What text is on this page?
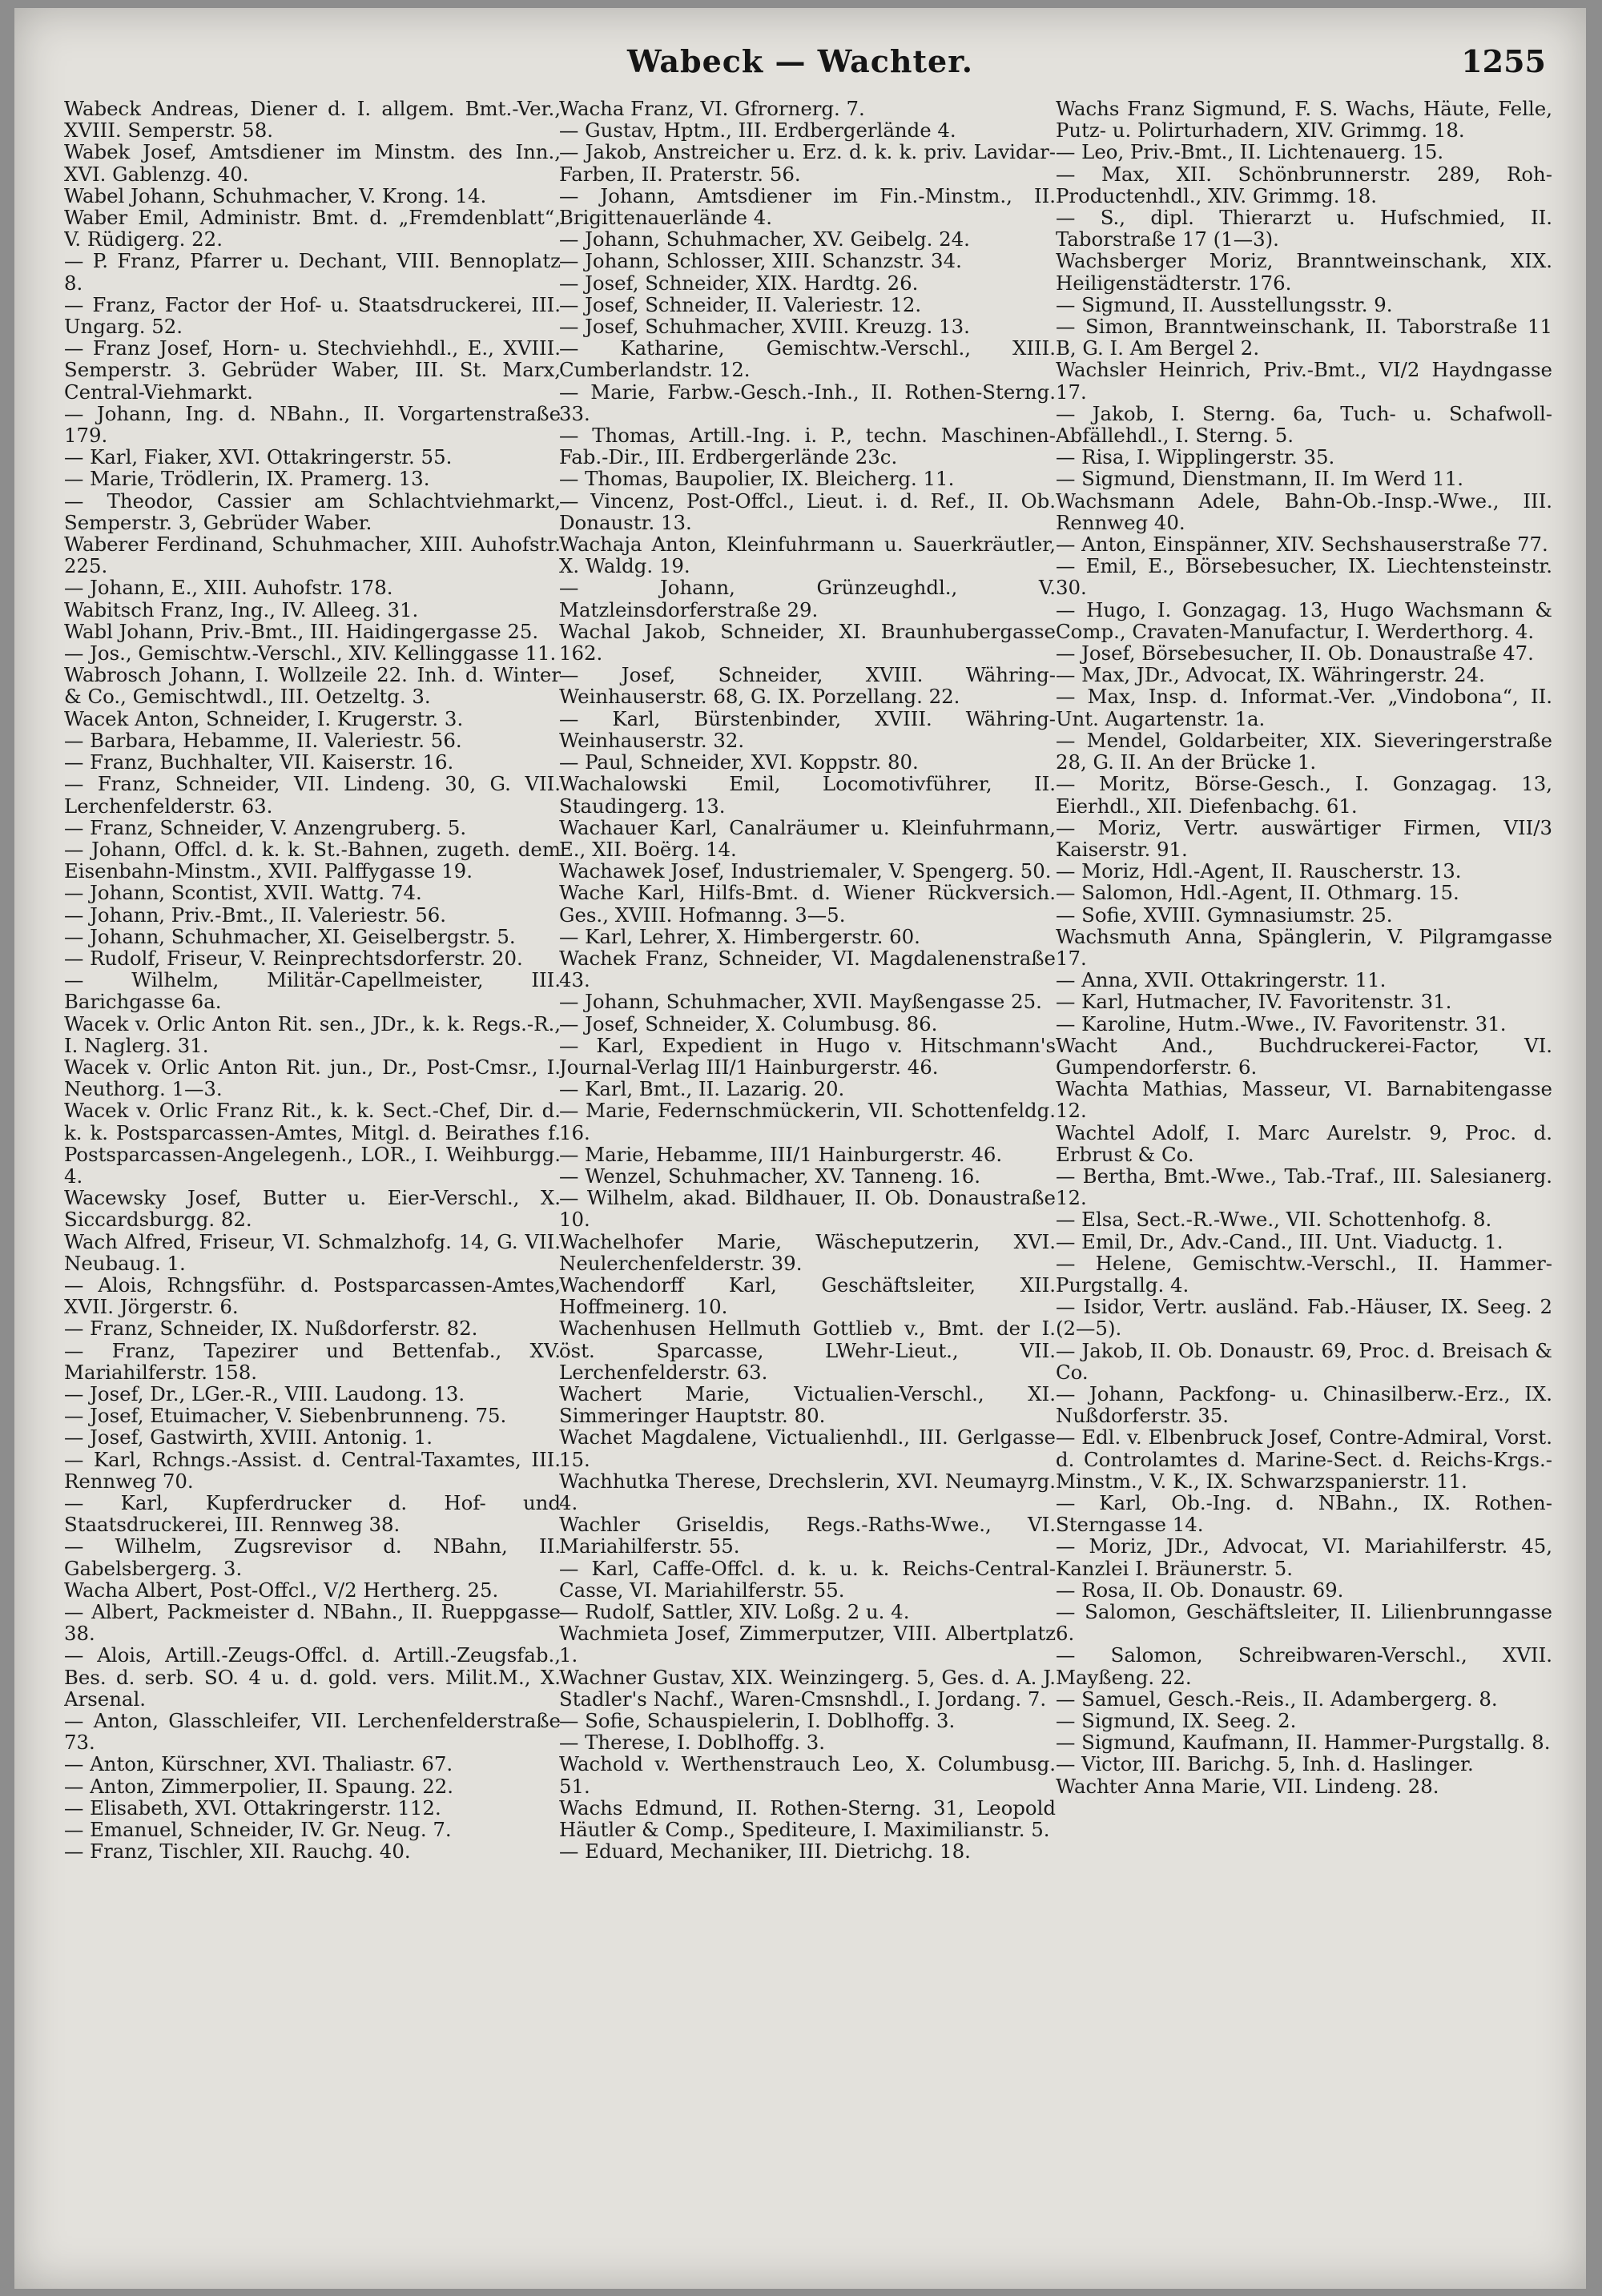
Wabeck — Wachter.	1255

Wabeck Andreas, Diener d. I. allgem. Bmt.-Ver., XVIII. Semperstr. 58.

Wabek Josef, Amtsdiener im Minstm. des Inn., XVI. Gablenzg. 40.

Wabel Johann, Schuhmacher, V. Krong. 14.

Waber Emil, Administr. Bmt. d. „Fremdenblatt“, V. Rüdigerg. 22.

— P. Franz, Pfarrer u. Dechant, VIII. Bennoplatz 8.

— Franz, Factor der Hof- u. Staatsdruckerei, III. Ungarg. 52.

— Franz Josef, Horn- u. Stechviehhdl., E., XVIII. Semperstr. 3. Gebrüder Waber, III. St. Marx, Central-Viehmarkt.

— Johann, Ing. d. NBahn., II. Vorgartenstraße 179.

— Karl, Fiaker, XVI. Ottakringerstr. 55.

— Marie, Trödlerin, IX. Pramerg. 13.

— Theodor, Cassier am Schlachtviehmarkt, Semperstr. 3, Gebrüder Waber.

Waberer Ferdinand, Schuhmacher, XIII. Auhofstr. 225.

— Johann, E., XIII. Auhofstr. 178.

Wabitsch Franz, Ing., IV. Alleeg. 31.

Wabl Johann, Priv.-Bmt., III. Haidingergasse 25.

— Jos., Gemischtw.-Verschl., XIV. Kellinggasse 11.

Wabrosch Johann, I. Wollzeile 22. Inh. d. Winter & Co., Gemischtwdl., III. Oetzeltg. 3.

Wacek Anton, Schneider, I. Krugerstr. 3.

— Barbara, Hebamme, II. Valeriestr. 56.

— Franz, Buchhalter, VII. Kaiserstr. 16.

— Franz, Schneider, VII. Lindeng. 30, G. VII. Lerchenfelderstr. 63.

— Franz, Schneider, V. Anzengruberg. 5.

— Johann, Offcl. d. k. k. St.-Bahnen, zugeth. dem Eisenbahn-Minstm., XVII. Palffygasse 19.

— Johann, Scontist, XVII. Wattg. 74.

— Johann, Priv.-Bmt., II. Valeriestr. 56.

— Johann, Schuhmacher, XI. Geiselbergstr. 5.

— Rudolf, Friseur, V. Reinprechtsdorferstr. 20.

— Wilhelm, Militär-Capellmeister, III. Barichgasse 6a.

Wacek v. Orlic Anton Rit. sen., JDr., k. k. Regs.-R., I. Naglerg. 31.

Wacek v. Orlic Anton Rit. jun., Dr., Post-Cmsr., I. Neuthorg. 1—3.

Wacek v. Orlic Franz Rit., k. k. Sect.-Chef, Dir. d. k. k. Postsparcassen-Amtes, Mitgl. d. Beirathes f. Postsparcassen-Angelegenh., LOR., I. Weihburgg. 4.

Wacewsky Josef, Butter u. Eier-Verschl., X. Siccardsburgg. 82.

Wach Alfred, Friseur, VI. Schmalzhofg. 14, G. VII. Neubaug. 1.

— Alois, Rchngsführ. d. Postsparcassen-Amtes, XVII. Jörgerstr. 6.

— Franz, Schneider, IX. Nußdorferstr. 82.

— Franz, Tapezirer und Bettenfab., XV. Mariahilferstr. 158.

— Josef, Dr., LGer.-R., VIII. Laudong. 13.

— Josef, Etuimacher, V. Siebenbrunneng. 75.

— Josef, Gastwirth, XVIII. Antonig. 1.

— Karl, Rchngs.-Assist. d. Central-Taxamtes, III. Rennweg 70.

— Karl, Kupferdrucker d. Hof- und Staatsdruckerei, III. Rennweg 38.

— Wilhelm, Zugsrevisor d. NBahn, II. Gabelsbergerg. 3.

Wacha Albert, Post-Offcl., V/2 Hertherg. 25.

— Albert, Packmeister d. NBahn., II. Rueppgasse 38.

— Alois, Artill.-Zeugs-Offcl. d. Artill.-Zeugsfab., Bes. d. serb. SO. 4 u. d. gold. vers. Milit.M., X. Arsenal.

— Anton, Glasschleifer, VII. Lerchenfelderstraße 73.

— Anton, Kürschner, XVI. Thaliastr. 67.

— Anton, Zimmerpolier, II. Spaung. 22.

— Elisabeth, XVI. Ottakringerstr. 112.

— Emanuel, Schneider, IV. Gr. Neug. 7.

— Franz, Tischler, XII. Rauchg. 40.

Wacha Franz, VI. Gfrornerg. 7.

— Gustav, Hptm., III. Erdbergerlände 4.

— Jakob, Anstreicher u. Erz. d. k. k. priv. Lavidar-Farben, II. Praterstr. 56.

— Johann, Amtsdiener im Fin.-Minstm., II. Brigittenauerlände 4.

— Johann, Schuhmacher, XV. Geibelg. 24.

— Johann, Schlosser, XIII. Schanzstr. 34.

— Josef, Schneider, XIX. Hardtg. 26.

— Josef, Schneider, II. Valeriestr. 12.

— Josef, Schuhmacher, XVIII. Kreuzg. 13.

— Katharine, Gemischtw.-Verschl., XIII. Cumberlandstr. 12.

— Marie, Farbw.-Gesch.-Inh., II. Rothen-Sterng. 33.

— Thomas, Artill.-Ing. i. P., techn. Maschinen-Fab.-Dir., III. Erdbergerlände 23c.

— Thomas, Baupolier, IX. Bleicherg. 11.

— Vincenz, Post-Offcl., Lieut. i. d. Ref., II. Ob. Donaustr. 13.

Wachaja Anton, Kleinfuhrmann u. Sauerkräutler, X. Waldg. 19.

— Johann, Grünzeughdl., V. Matzleinsdorferstraße 29.

Wachal Jakob, Schneider, XI. Braunhubergasse 162.

— Josef, Schneider, XVIII. Währing-Weinhauserstr. 68, G. IX. Porzellang. 22.

— Karl, Bürstenbinder, XVIII. Währing-Weinhauserstr. 32.

— Paul, Schneider, XVI. Koppstr. 80.

Wachalowski Emil, Locomotivführer, II. Staudingerg. 13.

Wachauer Karl, Canalräumer u. Kleinfuhrmann, E., XII. Boërg. 14.

Wachawek Josef, Industriemaler, V. Spengerg. 50.

Wache Karl, Hilfs-Bmt. d. Wiener Rückversich. Ges., XVIII. Hofmanng. 3—5.

— Karl, Lehrer, X. Himbergerstr. 60.

Wachek Franz, Schneider, VI. Magdalenenstraße 43.

— Johann, Schuhmacher, XVII. Mayßengasse 25.

— Josef, Schneider, X. Columbusg. 86.

— Karl, Expedient in Hugo v. Hitschmann's Journal-Verlag III/1 Hainburgerstr. 46.

— Karl, Bmt., II. Lazarig. 20.

— Marie, Federnschmückerin, VII. Schottenfeldg. 16.

— Marie, Hebamme, III/1 Hainburgerstr. 46.

— Wenzel, Schuhmacher, XV. Tanneng. 16.

— Wilhelm, akad. Bildhauer, II. Ob. Donaustraße 10.

Wachelhofer Marie, Wäscheputzerin, XVI. Neulerchenfelderstr. 39.

Wachendorff Karl, Geschäftsleiter, XII. Hoffmeinerg. 10.

Wachenhusen Hellmuth Gottlieb v., Bmt. der I. öst. Sparcasse, LWehr-Lieut., VII. Lerchenfelderstr. 63.

Wachert Marie, Victualien-Verschl., XI. Simmeringer Hauptstr. 80.

Wachet Magdalene, Victualienhdl., III. Gerlgasse 15.

Wachhutka Therese, Drechslerin, XVI. Neumayrg. 4.

Wachler Griseldis, Regs.-Raths-Wwe., VI. Mariahilferstr. 55.

— Karl, Caffe-Offcl. d. k. u. k. Reichs-Central-Casse, VI. Mariahilferstr. 55.

— Rudolf, Sattler, XIV. Loßg. 2 u. 4.

Wachmieta Josef, Zimmerputzer, VIII. Albertplatz 1.

Wachner Gustav, XIX. Weinzingerg. 5, Ges. d. A. J. Stadler's Nachf., Waren-Cmsnshdl., I. Jordang. 7.

— Sofie, Schauspielerin, I. Doblhoffg. 3.

— Therese, I. Doblhoffg. 3.

Wachold v. Werthenstrauch Leo, X. Columbusg. 51.

Wachs Edmund, II. Rothen-Sterng. 31, Leopold Häutler & Comp., Spediteure, I. Maximilianstr. 5.

— Eduard, Mechaniker, III. Dietrichg. 18.

Wachs Franz Sigmund, F. S. Wachs, Häute, Felle, Putz- u. Polirturhadern, XIV. Grimmg. 18.

— Leo, Priv.-Bmt., II. Lichtenauerg. 15.

— Max, XII. Schönbrunnerstr. 289, Roh-Productenhdl., XIV. Grimmg. 18.

— S., dipl. Thierarzt u. Hufschmied, II. Taborstraße 17 (1—3).

Wachsberger Moriz, Branntweinschank, XIX. Heiligenstädterstr. 176.

— Sigmund, II. Ausstellungsstr. 9.

— Simon, Branntweinschank, II. Taborstraße 11 B, G. I. Am Bergel 2.

Wachsler Heinrich, Priv.-Bmt., VI/2 Haydngasse 17.

— Jakob, I. Sterng. 6a, Tuch- u. Schafwoll-Abfällehdl., I. Sterng. 5.

— Risa, I. Wipplingerstr. 35.

— Sigmund, Dienstmann, II. Im Werd 11.

Wachsmann Adele, Bahn-Ob.-Insp.-Wwe., III. Rennweg 40.

— Anton, Einspänner, XIV. Sechshauserstraße 77.

— Emil, E., Börsebesucher, IX. Liechtensteinstr. 30.

— Hugo, I. Gonzagag. 13, Hugo Wachsmann & Comp., Cravaten-Manufactur, I. Werderthorg. 4.

— Josef, Börsebesucher, II. Ob. Donaustraße 47.

— Max, JDr., Advocat, IX. Währingerstr. 24.

— Max, Insp. d. Informat.-Ver. „Vindobona“, II. Unt. Augartenstr. 1a.

— Mendel, Goldarbeiter, XIX. Sieveringerstraße 28, G. II. An der Brücke 1.

— Moritz, Börse-Gesch., I. Gonzagag. 13, Eierhdl., XII. Diefenbachg. 61.

— Moriz, Vertr. auswärtiger Firmen, VII/3 Kaiserstr. 91.

— Moriz, Hdl.-Agent, II. Rauscherstr. 13.

— Salomon, Hdl.-Agent, II. Othmarg. 15.

— Sofie, XVIII. Gymnasiumstr. 25.

Wachsmuth Anna, Spänglerin, V. Pilgramgasse 17.

— Anna, XVII. Ottakringerstr. 11.

— Karl, Hutmacher, IV. Favoritenstr. 31.

— Karoline, Hutm.-Wwe., IV. Favoritenstr. 31.

Wacht And., Buchdruckerei-Factor, VI. Gumpendorferstr. 6.

Wachta Mathias, Masseur, VI. Barnabitengasse 12.

Wachtel Adolf, I. Marc Aurelstr. 9, Proc. d. Erbrust & Co.

— Bertha, Bmt.-Wwe., Tab.-Traf., III. Salesianerg. 12.

— Elsa, Sect.-R.-Wwe., VII. Schottenhofg. 8.

— Emil, Dr., Adv.-Cand., III. Unt. Viaductg. 1.

— Helene, Gemischtw.-Verschl., II. Hammer-Purgstallg. 4.

— Isidor, Vertr. ausländ. Fab.-Häuser, IX. Seeg. 2 (2—5).

— Jakob, II. Ob. Donaustr. 69, Proc. d. Breisach & Co.

— Johann, Packfong- u. Chinasilberw.-Erz., IX. Nußdorferstr. 35.

— Edl. v. Elbenbruck Josef, Contre-Admiral, Vorst. d. Controlamtes d. Marine-Sect. d. Reichs-Krgs.-Minstm., V. K., IX. Schwarzspanierstr. 11.

— Karl, Ob.-Ing. d. NBahn., IX. Rothen-Sterngasse 14.

— Moriz, JDr., Advocat, VI. Mariahilferstr. 45, Kanzlei I. Bräunerstr. 5.

— Rosa, II. Ob. Donaustr. 69.

— Salomon, Geschäftsleiter, II. Lilienbrunngasse 6.

— Salomon, Schreibwaren-Verschl., XVII. Mayßeng. 22.

— Samuel, Gesch.-Reis., II. Adambergerg. 8.

— Sigmund, IX. Seeg. 2.

— Sigmund, Kaufmann, II. Hammer-Purgstallg. 8.

— Victor, III. Barichg. 5, Inh. d. Haslinger.

Wachter Anna Marie, VII. Lindeng. 28.
